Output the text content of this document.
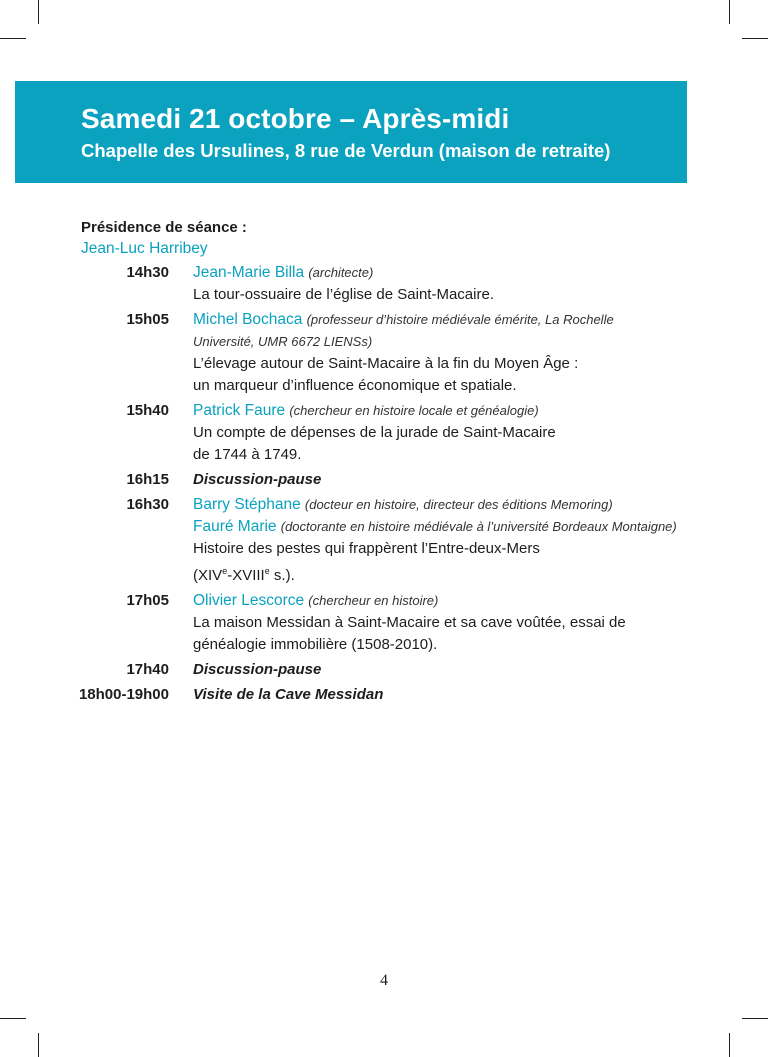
Samedi 21 octobre – Après-midi
Chapelle des Ursulines, 8 rue de Verdun (maison de retraite)
Présidence de séance :
Jean-Luc Harribey
14h30 Jean-Marie Billa (architecte)
La tour-ossuaire de l’église de Saint-Macaire.
15h05 Michel Bochaca (professeur d’histoire médiévale émérite, La Rochelle
Université, UMR 6672 LIENSs)
L’élevage autour de Saint-Macaire à la fin du Moyen Âge :
un marqueur d’influence économique et spatiale.
15h40 Patrick Faure (chercheur en histoire locale et généalogie)
Un compte de dépenses de la jurade de Saint-Macaire
de 1744 à 1749.
16h15 Discussion-pause
16h30 Barry Stéphane (docteur en histoire, directeur des éditions Memoring)
Fauré Marie (doctorante en histoire médiévale à l’université Bordeaux Montaigne)
Histoire des pestes qui frappèrent l’Entre-deux-Mers
(XIVe-XVIIIe s.).
17h05 Olivier Lescorce (chercheur en histoire)
La maison Messidan à Saint-Macaire et sa cave voûtée, essai de
généalogie immobilière (1508-2010).
17h40 Discussion-pause
18h00-19h00 Visite de la Cave Messidan
4
